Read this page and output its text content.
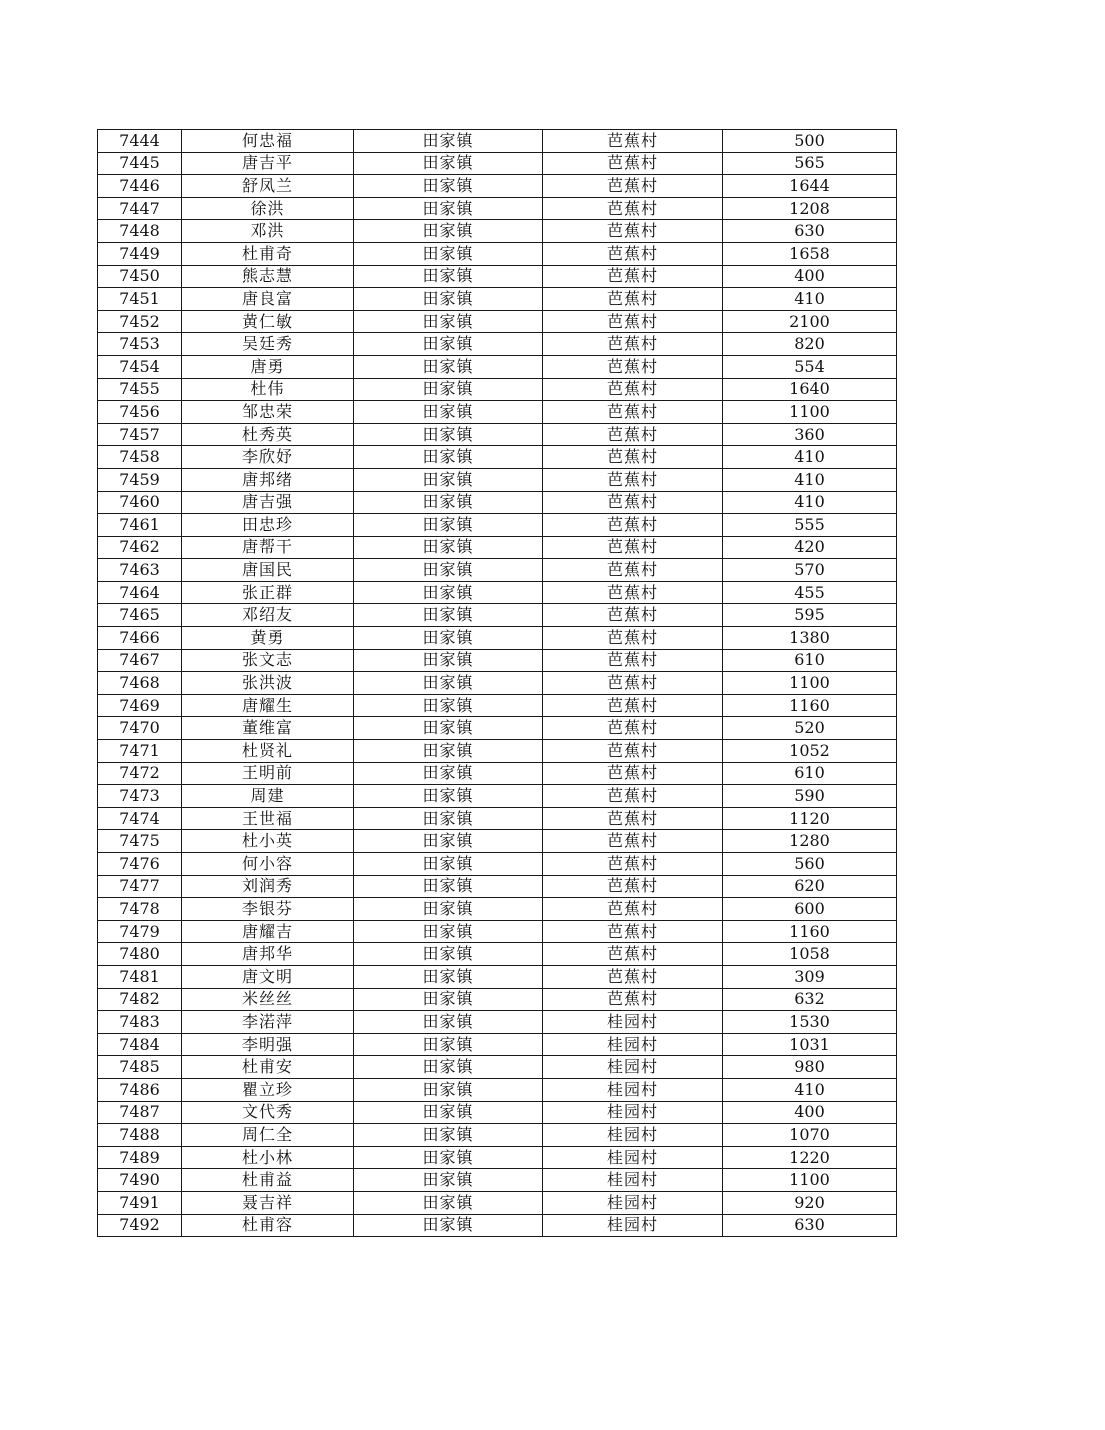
7444	何忠福	田家镇	芭蕉村	500
7445	唐吉平	田家镇	芭蕉村	565
7446	舒凤兰	田家镇	芭蕉村	1644
7447	徐洪	田家镇	芭蕉村	1208
7448	邓洪	田家镇	芭蕉村	630
7449	杜甫奇	田家镇	芭蕉村	1658
7450	熊志慧	田家镇	芭蕉村	400
7451	唐良富	田家镇	芭蕉村	410
7452	黄仁敏	田家镇	芭蕉村	2100
7453	吴廷秀	田家镇	芭蕉村	820
7454	唐勇	田家镇	芭蕉村	554
7455	杜伟	田家镇	芭蕉村	1640
7456	邹忠荣	田家镇	芭蕉村	1100
7457	杜秀英	田家镇	芭蕉村	360
7458	李欣妤	田家镇	芭蕉村	410
7459	唐邦绪	田家镇	芭蕉村	410
7460	唐吉强	田家镇	芭蕉村	410
7461	田忠珍	田家镇	芭蕉村	555
7462	唐帮干	田家镇	芭蕉村	420
7463	唐国民	田家镇	芭蕉村	570
7464	张正群	田家镇	芭蕉村	455
7465	邓绍友	田家镇	芭蕉村	595
7466	黄勇	田家镇	芭蕉村	1380
7467	张文志	田家镇	芭蕉村	610
7468	张洪波	田家镇	芭蕉村	1100
7469	唐耀生	田家镇	芭蕉村	1160
7470	董维富	田家镇	芭蕉村	520
7471	杜贤礼	田家镇	芭蕉村	1052
7472	王明前	田家镇	芭蕉村	610
7473	周建	田家镇	芭蕉村	590
7474	王世福	田家镇	芭蕉村	1120
7475	杜小英	田家镇	芭蕉村	1280
7476	何小容	田家镇	芭蕉村	560
7477	刘润秀	田家镇	芭蕉村	620
7478	李银芬	田家镇	芭蕉村	600
7479	唐耀吉	田家镇	芭蕉村	1160
7480	唐邦华	田家镇	芭蕉村	1058
7481	唐文明	田家镇	芭蕉村	309
7482	米丝丝	田家镇	芭蕉村	632
7483	李渃萍	田家镇	桂园村	1530
7484	李明强	田家镇	桂园村	1031
7485	杜甫安	田家镇	桂园村	980
7486	瞿立珍	田家镇	桂园村	410
7487	文代秀	田家镇	桂园村	400
7488	周仁全	田家镇	桂园村	1070
7489	杜小林	田家镇	桂园村	1220
7490	杜甫益	田家镇	桂园村	1100
7491	聂吉祥	田家镇	桂园村	920
7492	杜甫容	田家镇	桂园村	630
